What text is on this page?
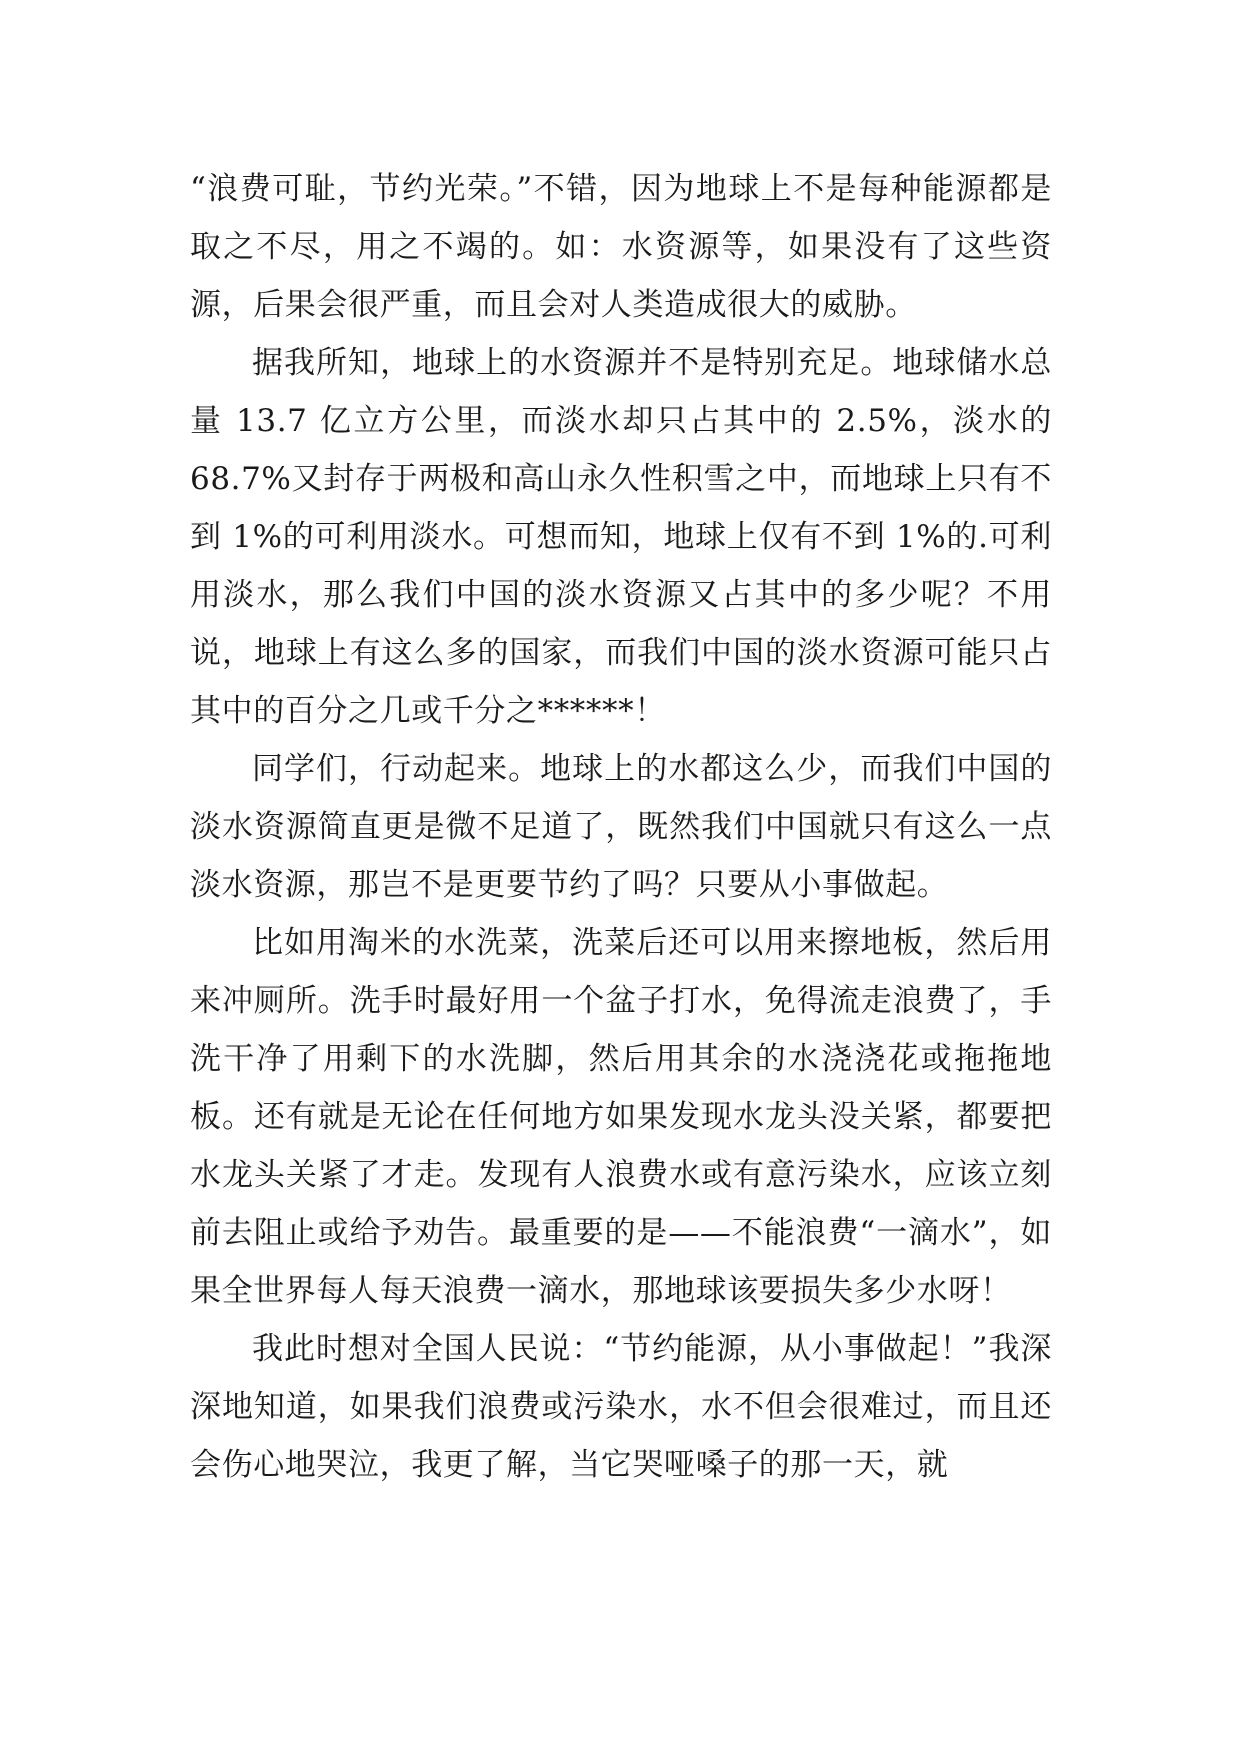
“浪费可耻，节约光荣。”不错，因为地球上不是每种能源都是取之不尽，用之不竭的。如：水资源等，如果没有了这些资源，后果会很严重，而且会对人类造成很大的威胁。

据我所知，地球上的水资源并不是特别充足。地球储水总量 13.7 亿立方公里，而淡水却只占其中的 2.5%，淡水的 68.7%又封存于两极和高山永久性积雪之中，而地球上只有不到 1%的可利用淡水。可想而知，地球上仅有不到 1%的.可利用淡水，那么我们中国的淡水资源又占其中的多少呢？不用说，地球上有这么多的国家，而我们中国的淡水资源可能只占其中的百分之几或千分之******！

同学们，行动起来。地球上的水都这么少，而我们中国的淡水资源简直更是微不足道了，既然我们中国就只有这么一点淡水资源，那岂不是更要节约了吗？只要从小事做起。

比如用淘米的水洗菜，洗菜后还可以用来擦地板，然后用来冲厕所。洗手时最好用一个盆子打水，免得流走浪费了，手洗干净了用剩下的水洗脚，然后用其余的水浇浇花或拖拖地板。还有就是无论在任何地方如果发现水龙头没关紧，都要把水龙头关紧了才走。发现有人浪费水或有意污染水，应该立刻前去阻止或给予劝告。最重要的是——不能浪费“一滴水”，如果全世界每人每天浪费一滴水，那地球该要损失多少水呀！

我此时想对全国人民说：“节约能源，从小事做起！”我深深地知道，如果我们浪费或污染水，水不但会很难过，而且还会伤心地哭泣，我更了解，当它哭哑嗓子的那一天，就
